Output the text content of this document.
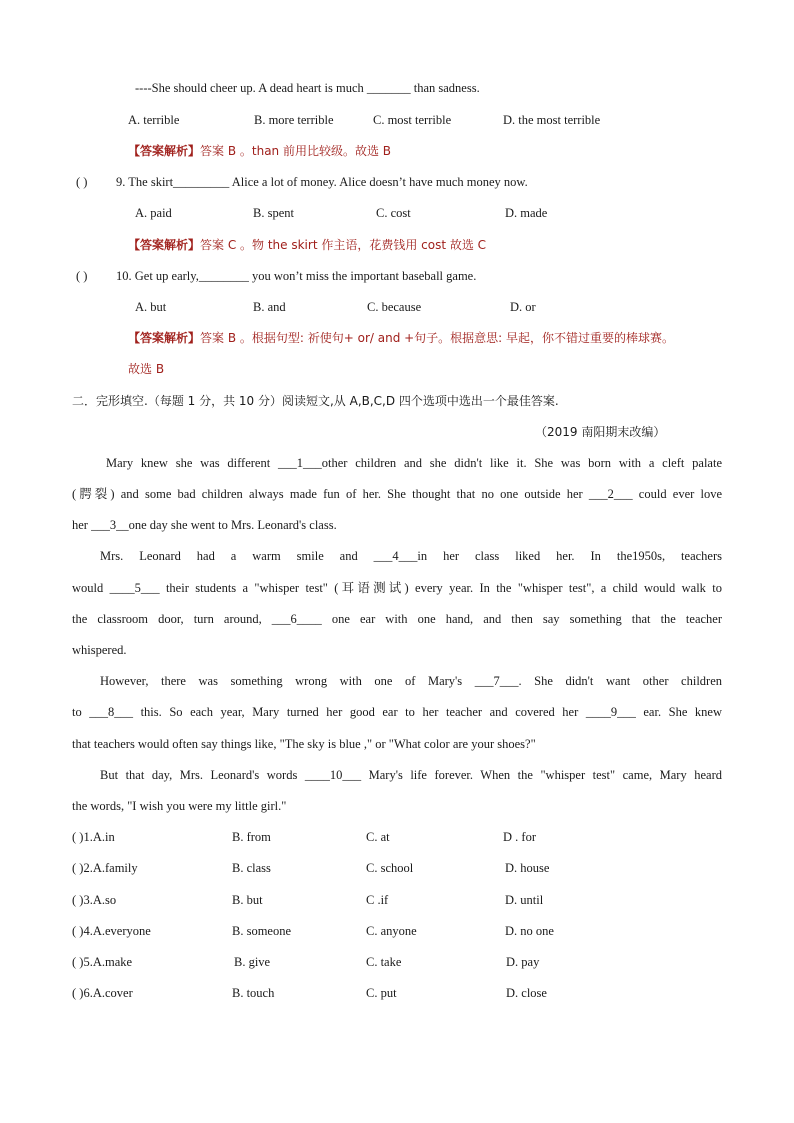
----She should cheer up. A dead heart is much _______ than sadness.
A. terrible	B. more terrible	C. most terrible	D. the most terrible
【答案解析】答案 B 。than 前用比较级。故选 B
( ) 9. The skirt_________ Alice a lot of money. Alice doesn’t have much money now.
A. paid	B. spent	C. cost	D. made
【答案解析】答案 C 。物 the skirt 作主语，花费钱用 cost 故选 C
( ) 10. Get up early,________ you won’t miss the important baseball game.
A. but	B. and	C. because	D. or
【答案解析】答案 B 。根据句型: 祈使句+ or/ and +句子。根据意思: 早起，你不错过重要的棒球赛。
故选 B
二．完形填空.（每题 1 分，共 10 分）阅读短文,从 A,B,C,D 四个选项中选出一个最佳答案.
（2019 南阳期末改编）
Mary knew she was different ___1___other children and she didn't like it. She was born with a cleft palate
(腭裂) and some bad children always made fun of her. She thought that no one outside her ___2___ could ever love
her ___3__one day she went to Mrs. Leonard's class.
Mrs. Leonard had a warm smile and ___4___in her class liked her. In the1950s, teachers
would ____5___ their students a "whisper test" (耳语测试) every year. In the "whisper test", a child would walk to
the classroom door, turn around, ___6____ one ear with one hand, and then say something that the teacher
whispered.
However, there was something wrong with one of Mary's ___7___. She didn't want other children
to ___8___ this. So each year, Mary turned her good ear to her teacher and covered her ____9___ ear. She knew
that teachers would often say things like, "The sky is blue ," or "What color are your shoes?"
But that day, Mrs. Leonard's words ____10___ Mary's life forever. When the "whisper test" came, Mary heard
the words, "I wish you were my little girl."
( )1.A.in	B. from	C. at	D . for
( )2.A.family	B. class	C. school	D. house
( )3.A.so	B. but	C .if	D. until
( )4.A.everyone	B. someone	C. anyone	D. no one
( )5.A.make	B. give	C. take	D. pay
( )6.A.cover	B. touch	C. put	D. close
